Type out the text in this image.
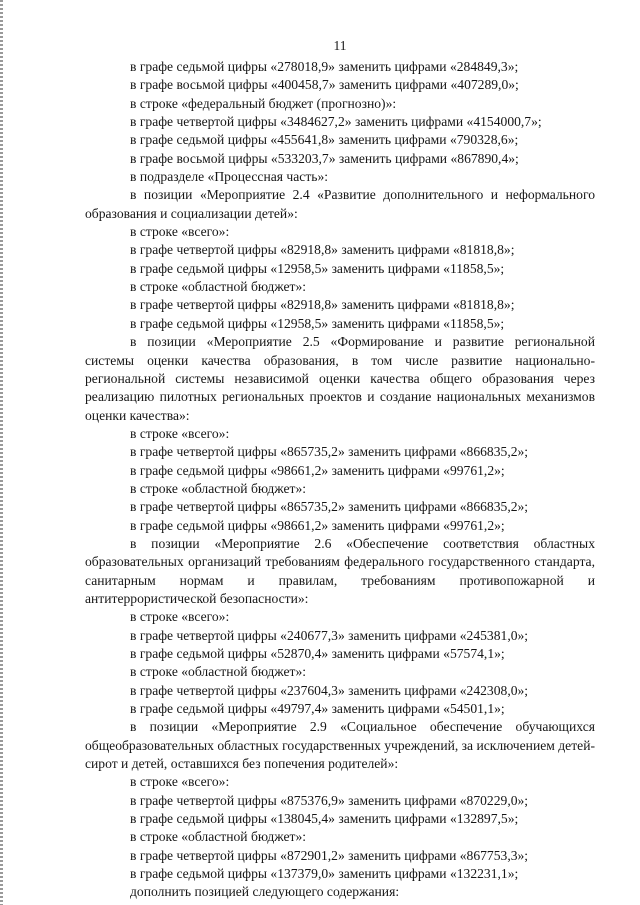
11
в графе седьмой цифры «278018,9» заменить цифрами «284849,3»;
в графе восьмой цифры «400458,7» заменить цифрами «407289,0»;
в строке «федеральный бюджет (прогнозно)»:
в графе четвертой цифры «3484627,2» заменить цифрами «4154000,7»;
в графе седьмой цифры «455641,8» заменить цифрами «790328,6»;
в графе восьмой цифры «533203,7» заменить цифрами «867890,4»;
в подразделе «Процессная часть»:
в позиции «Мероприятие 2.4 «Развитие дополнительного и неформального образования и социализации детей»:
в строке «всего»:
в графе четвертой цифры «82918,8» заменить цифрами «81818,8»;
в графе седьмой цифры «12958,5» заменить цифрами «11858,5»;
в строке «областной бюджет»:
в графе четвертой цифры «82918,8» заменить цифрами «81818,8»;
в графе седьмой цифры «12958,5» заменить цифрами «11858,5»;
в позиции «Мероприятие 2.5 «Формирование и развитие региональной системы оценки качества образования, в том числе развитие национально-региональной системы независимой оценки качества общего образования через реализацию пилотных региональных проектов и создание национальных механизмов оценки качества»:
в строке «всего»:
в графе четвертой цифры «865735,2» заменить цифрами «866835,2»;
в графе седьмой цифры «98661,2» заменить цифрами «99761,2»;
в строке «областной бюджет»:
в графе четвертой цифры «865735,2» заменить цифрами «866835,2»;
в графе седьмой цифры «98661,2» заменить цифрами «99761,2»;
в позиции «Мероприятие 2.6 «Обеспечение соответствия областных образовательных организаций требованиям федерального государственного стандарта, санитарным нормам и правилам, требованиям противопожарной и антитеррористической безопасности»:
в строке «всего»:
в графе четвертой цифры «240677,3» заменить цифрами «245381,0»;
в графе седьмой цифры «52870,4» заменить цифрами «57574,1»;
в строке «областной бюджет»:
в графе четвертой цифры «237604,3» заменить цифрами «242308,0»;
в графе седьмой цифры «49797,4» заменить цифрами «54501,1»;
в позиции «Мероприятие 2.9 «Социальное обеспечение обучающихся общеобразовательных областных государственных учреждений, за исключением детей-сирот и детей, оставшихся без попечения родителей»:
в строке «всего»:
в графе четвертой цифры «875376,9» заменить цифрами «870229,0»;
в графе седьмой цифры «138045,4» заменить цифрами «132897,5»;
в строке «областной бюджет»:
в графе четвертой цифры «872901,2» заменить цифрами «867753,3»;
в графе седьмой цифры «137379,0» заменить цифрами «132231,1»;
дополнить позицией следующего содержания:
